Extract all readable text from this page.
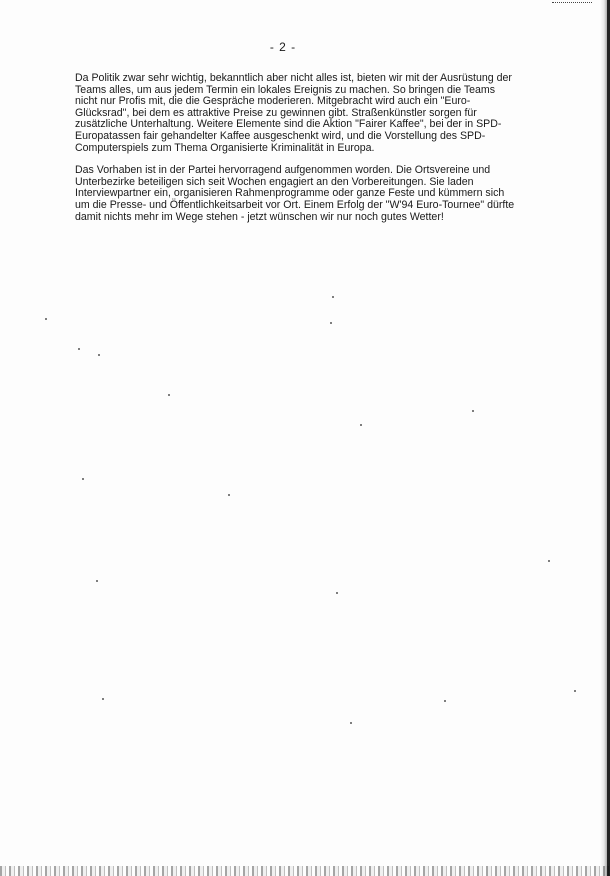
- 2 -

Da Politik zwar sehr wichtig, bekanntlich aber nicht alles ist, bieten wir mit der Ausrüstung der Teams alles, um aus jedem Termin ein lokales Ereignis zu machen. So bringen die Teams nicht nur Profis mit, die die Gespräche moderieren. Mitgebracht wird auch ein "Euro- Glücksrad", bei dem es attraktive Preise zu gewinnen gibt. Straßenkünstler sorgen für zusätzliche Unterhaltung. Weitere Elemente sind die Aktion "Fairer Kaffee", bei der in SPD-Europatassen fair gehandelter Kaffee ausgeschenkt wird, und die Vorstellung des SPD-Computerspiels zum Thema Organisierte Kriminalität in Europa.

Das Vorhaben ist in der Partei hervorragend aufgenommen worden. Die Ortsvereine und Unterbezirke beteiligen sich seit Wochen engagiert an den Vorbereitungen. Sie laden Interviewpartner ein, organisieren Rahmenprogramme oder ganze Feste und kümmern sich um die Presse- und Öffentlichkeitsarbeit vor Ort. Einem Erfolg der "W'94 Euro-Tournee" dürfte damit nichts mehr im Wege stehen - jetzt wünschen wir nur noch gutes Wetter!
